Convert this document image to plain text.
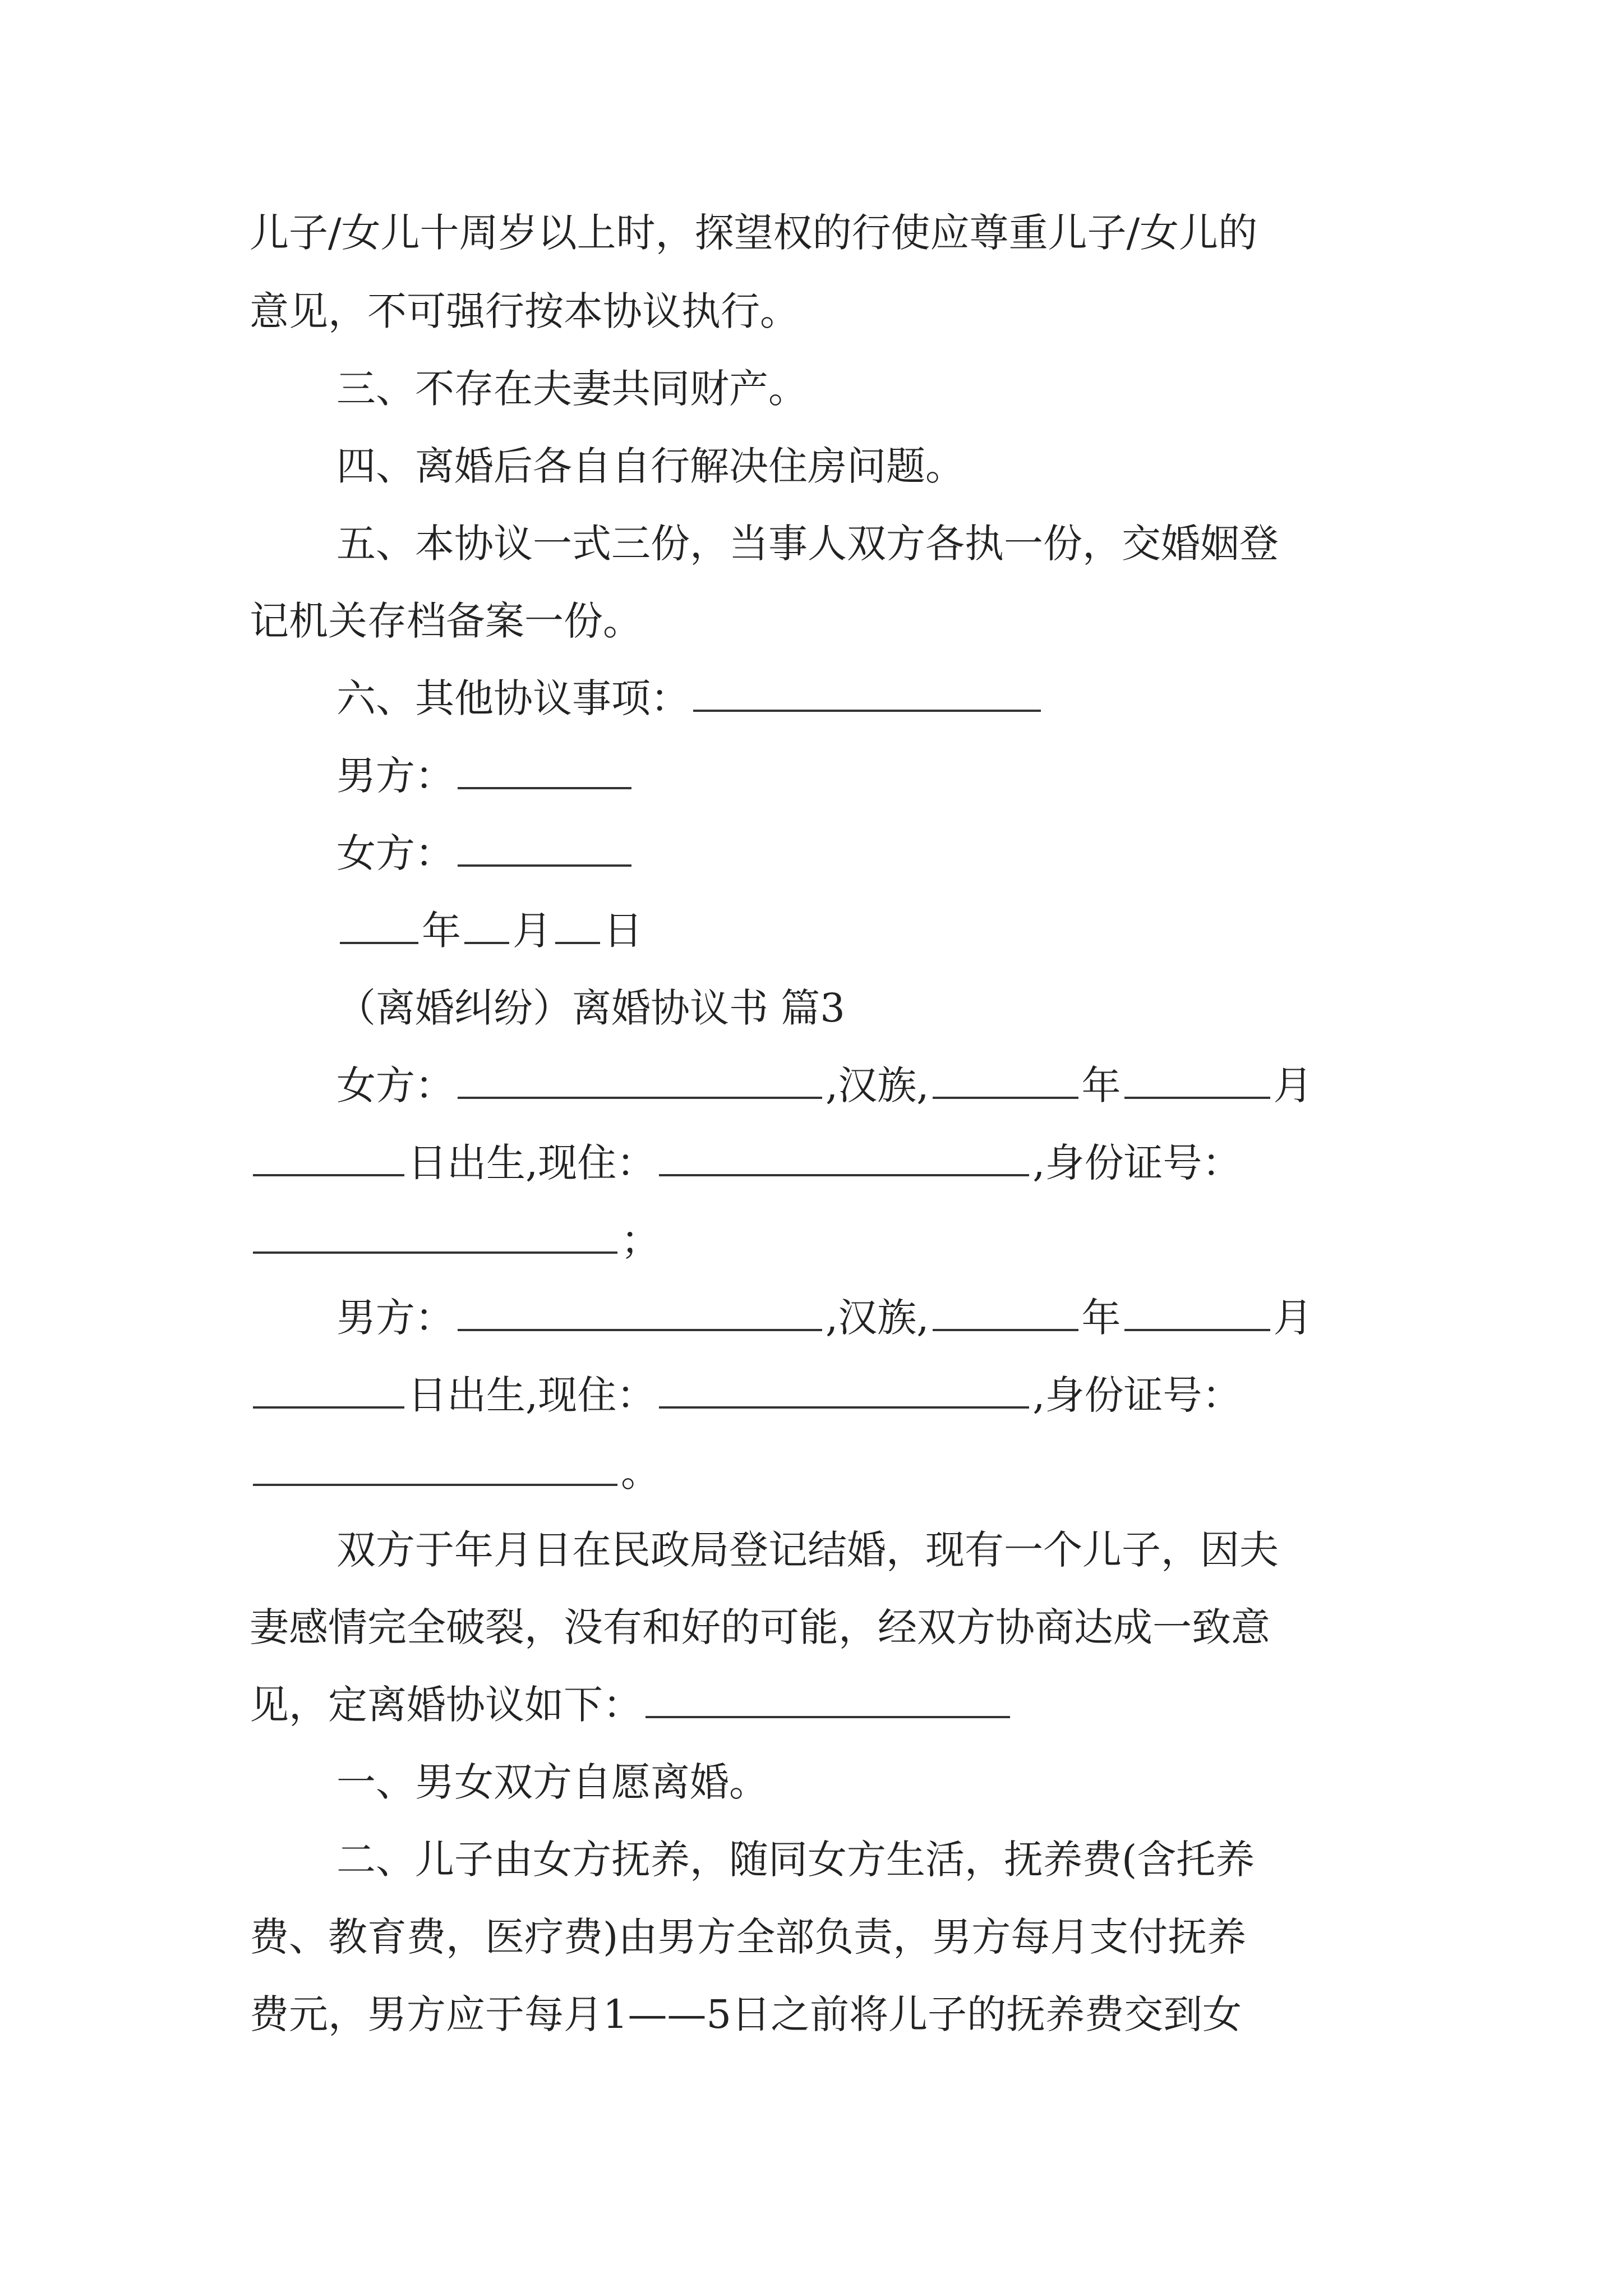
儿子/女儿十周岁以上时，探望权的行使应尊重儿子/女儿的
意见，不可强行按本协议执行。
三、不存在夫妻共同财产。
四、离婚后各自自行解决住房问题。
五、本协议一式三份，当事人双方各执一份，交婚姻登
记机关存档备案一份。
六、其他协议事项：
男方：
女方：
年 月 日
（离婚纠纷）离婚协议书 篇3
女方：	,汉族,	年	月
日出生,现住：	,身份证号：
；
男方：	,汉族,	年	月
日出生,现住：	,身份证号：
。
双方于年月日在民政局登记结婚，现有一个儿子，因夫
妻感情完全破裂，没有和好的可能，经双方协商达成一致意
见，定离婚协议如下：
一、男女双方自愿离婚。
二、儿子由女方抚养，随同女方生活，抚养费(含托养
费、教育费，医疗费)由男方全部负责，男方每月支付抚养
费元，男方应于每月1——5日之前将儿子的抚养费交到女
